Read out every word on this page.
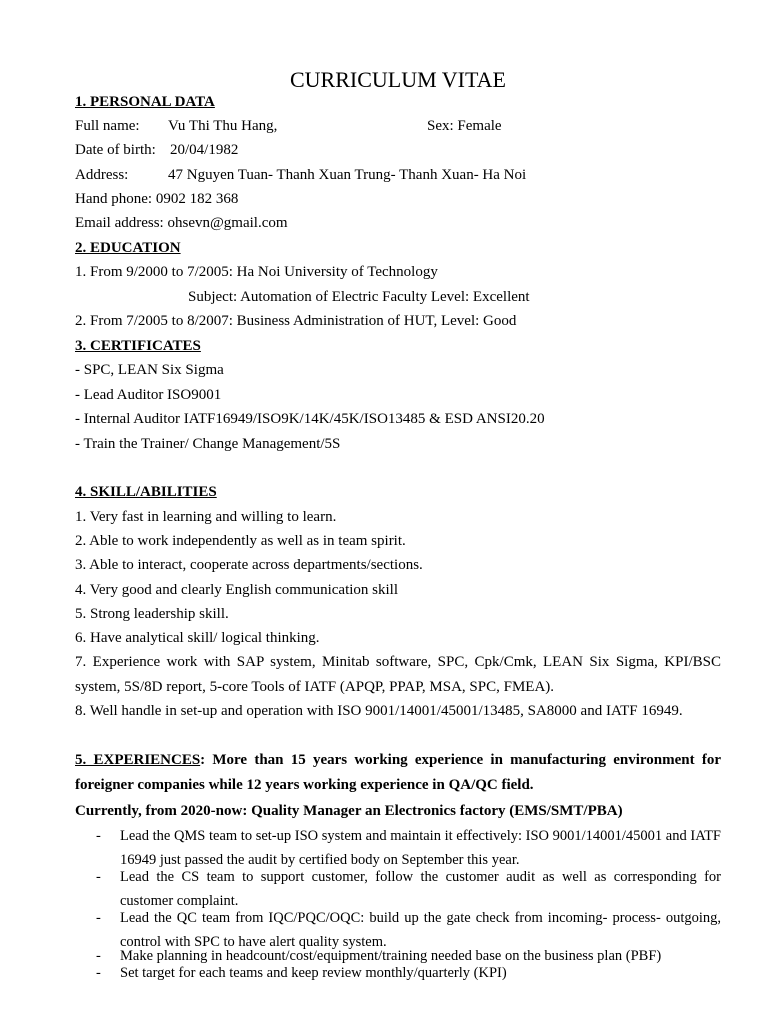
CURRICULUM VITAE
1. PERSONAL DATA
Full name: Vu Thi Thu Hang,	Sex: Female
Date of birth: 20/04/1982
Address:	47 Nguyen Tuan- Thanh Xuan Trung- Thanh Xuan- Ha Noi
Hand phone: 0902 182 368
Email address: ohsevn@gmail.com
2. EDUCATION
1. From 9/2000 to 7/2005: Ha Noi University of Technology
Subject: Automation of Electric Faculty Level: Excellent
2. From 7/2005 to 8/2007: Business Administration of HUT, Level: Good
3. CERTIFICATES
- SPC, LEAN Six Sigma
- Lead Auditor ISO9001
- Internal Auditor IATF16949/ISO9K/14K/45K/ISO13485 & ESD ANSI20.20
- Train the Trainer/ Change Management/5S
4. SKILL/ABILITIES
1. Very fast in learning and willing to learn.
2. Able to work independently as well as in team spirit.
3. Able to interact, cooperate across departments/sections.
4. Very good and clearly English communication skill
5. Strong leadership skill.
6. Have analytical skill/ logical thinking.
7. Experience work with SAP system, Minitab software, SPC, Cpk/Cmk, LEAN Six Sigma, KPI/BSC system, 5S/8D report, 5-core Tools of IATF (APQP, PPAP, MSA, SPC, FMEA).
8. Well handle in set-up and operation with ISO 9001/14001/45001/13485, SA8000 and IATF 16949.
5. EXPERIENCES: More than 15 years working experience in manufacturing environment for foreigner companies while 12 years working experience in QA/QC field.
Currently, from 2020-now: Quality Manager an Electronics factory (EMS/SMT/PBA)
- Lead the QMS team to set-up ISO system and maintain it effectively: ISO 9001/14001/45001 and IATF 16949 just passed the audit by certified body on September this year.
- Lead the CS team to support customer, follow the customer audit as well as corresponding for customer complaint.
- Lead the QC team from IQC/PQC/OQC: build up the gate check from incoming- process- outgoing, control with SPC to have alert quality system.
- Make planning in headcount/cost/equipment/training needed base on the business plan (PBF)
- Set target for each teams and keep review monthly/quarterly (KPI)
